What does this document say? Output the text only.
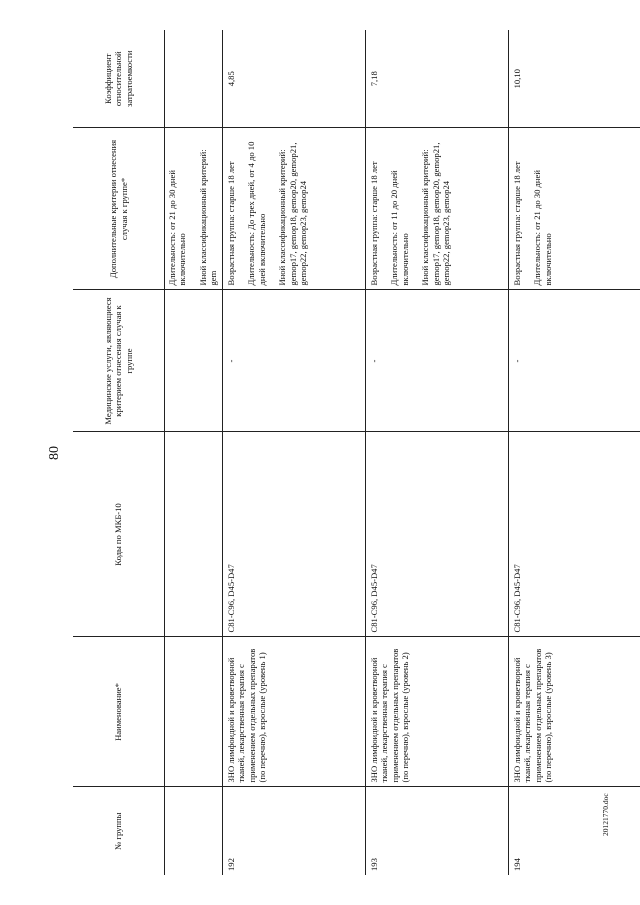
80
№ группы	Наименование*	Коды по МКБ-10	Медицинские услуги, являющиеся критерием отнесения случая к группе	Дополнительные критерии отнесения случая к группе*	Коэффициент относительной затратоемкости

				Длительность: от 21 до 30 дней включительно Иной классификационный критерий: gem	

192	ЗНО лимфоидной и кроветворной тканей, лекарственная терапия с применением отдельных препаратов (по перечню), взрослые (уровень 1)	C81-C96, D45-D47	-	Возрастная группа: старше 18 лет Длительность: До трех дней, от 4 до 10 дней включительно Иной классификационный критерий: gemop17, gemop18, gemop20, gemop21, gemop22, gemop23, gemop24	4,85
193	ЗНО лимфоидной и кроветворной тканей, лекарственная терапия с применением отдельных препаратов (по перечню), взрослые (уровень 2)	C81-C96, D45-D47	-	Возрастная группа: старше 18 лет Длительность: от 11 до 20 дней включительно Иной классификационный критерий: gemop17, gemop18, gemop20, gemop21, gemop22, gemop23, gemop24	7,18
194	ЗНО лимфоидной и кроветворной тканей, лекарственная терапия с применением отдельных препаратов (по перечню), взрослые (уровень 3)	C81-C96, D45-D47	-	Возрастная группа: старше 18 лет Длительность: от 21 до 30 дней включительно	10,10
20121770.doc
